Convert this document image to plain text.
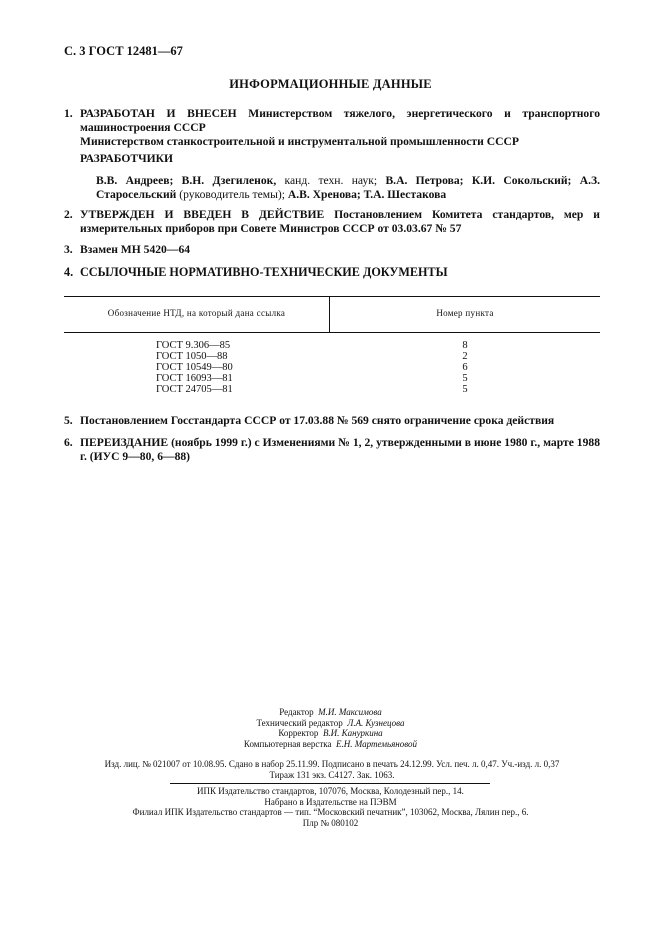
С. 3 ГОСТ 12481—67
ИНФОРМАЦИОННЫЕ ДАННЫЕ
1. РАЗРАБОТАН И ВНЕСЕН Министерством тяжелого, энергетического и транспортного машиностроения СССР
Министерством станкостроительной и инструментальной промышленности СССР
РАЗРАБОТЧИКИ
В.В. Андреев; В.Н. Дзегиленок, канд. техн. наук; В.А. Петрова; К.И. Сокольский; А.З. Старосельский (руководитель темы); А.В. Хренова; Т.А. Шестакова
2. УТВЕРЖДЕН И ВВЕДЕН В ДЕЙСТВИЕ Постановлением Комитета стандартов, мер и измерительных приборов при Совете Министров СССР от 03.03.67 № 57
3. Взамен МН 5420—64
4. ССЫЛОЧНЫЕ НОРМАТИВНО-ТЕХНИЧЕСКИЕ ДОКУМЕНТЫ
Обозначение НТД, на который дана ссылка	Номер пункта
ГОСТ 9.306—85	8
ГОСТ 1050—88	2
ГОСТ 10549—80	6
ГОСТ 16093—81	5
ГОСТ 24705—81	5
5. Постановлением Госстандарта СССР от 17.03.88 № 569 снято ограничение срока действия
6. ПЕРЕИЗДАНИЕ (ноябрь 1999 г.) с Изменениями № 1, 2, утвержденными в июне 1980 г., марте 1988 г. (ИУС 9—80, 6—88)
Редактор М.И. Максимова
Технический редактор Л.А. Кузнецова
Корректор В.И. Кануркина
Компьютерная верстка Е.Н. Мартемьяновой
Изд. лиц. № 021007 от 10.08.95. Сдано в набор 25.11.99. Подписано в печать 24.12.99. Усл. печ. л. 0,47. Уч.-изд. л. 0,37
Тираж 131 экз. С4127. Зак. 1063.
ИПК Издательство стандартов, 107076, Москва, Колодезный пер., 14.
Набрано в Издательстве на ПЭВМ
Филиал ИПК Издательство стандартов — тип. “Московский печатник”, 103062, Москва, Лялин пер., 6.
Плр № 080102
